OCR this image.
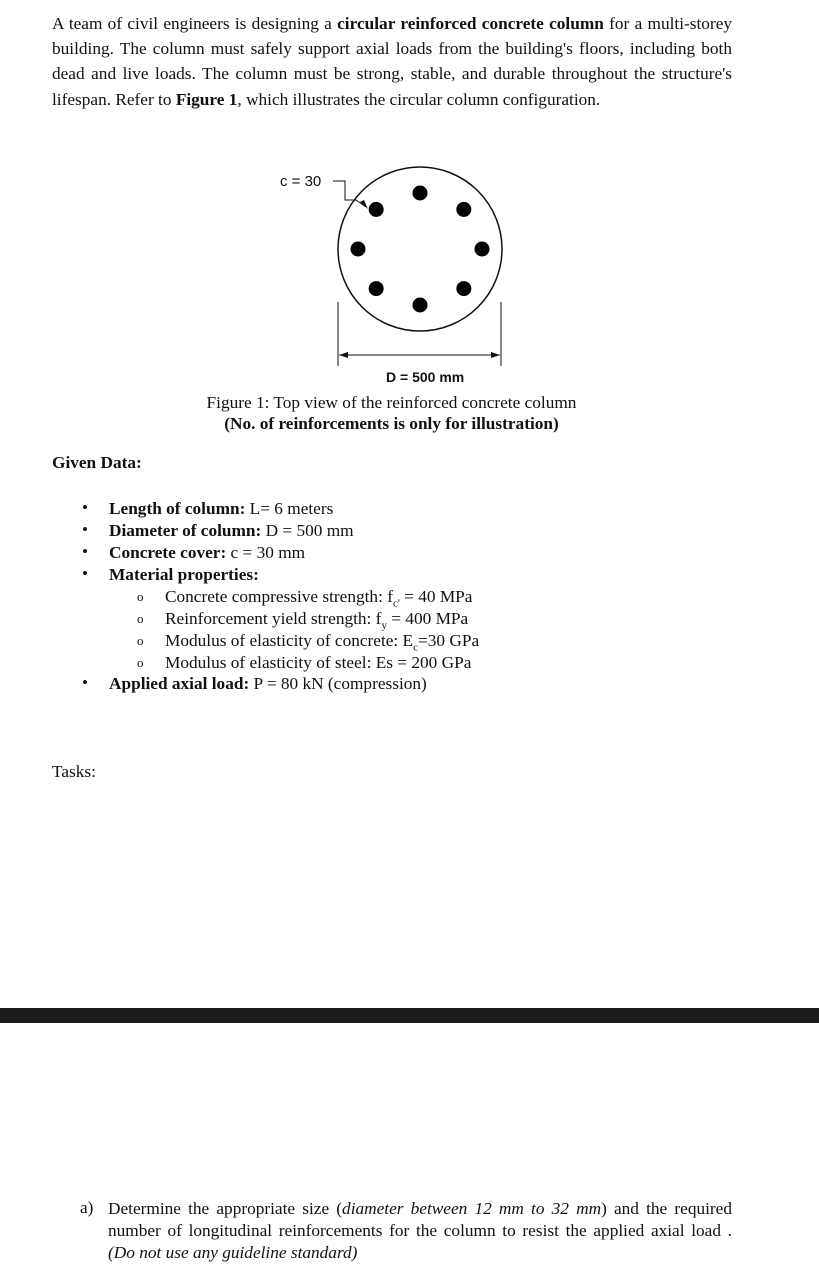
A team of civil engineers is designing a circular reinforced concrete column for a multi-storey building. The column must safely support axial loads from the building's floors, including both dead and live loads. The column must be strong, stable, and durable throughout the structure's lifespan. Refer to Figure 1, which illustrates the circular column configuration.
c = 30
D = 500 mm
Figure 1: Top view of the reinforced concrete column
(No. of reinforcements is only for illustration)
Given Data:
• Length of column: L= 6 meters
• Diameter of column: D = 500 mm
• Concrete cover: c = 30 mm
• Material properties:
• Applied axial load: P = 80 kN (compression)
o Concrete compressive strength: $f_{c'} = 40$ MPa
o Reinforcement yield strength: $f_y = 400$ MPa
o Modulus of elasticity of concrete: $E_c=30$ GPa
o Modulus of elasticity of steel: Es = 200 GPa
Tasks:
a) Determine the appropriate size (diameter between 12 mm to 32 mm) and the required number of longitudinal reinforcements for the column to resist the applied axial load . (Do not use any guideline standard)
